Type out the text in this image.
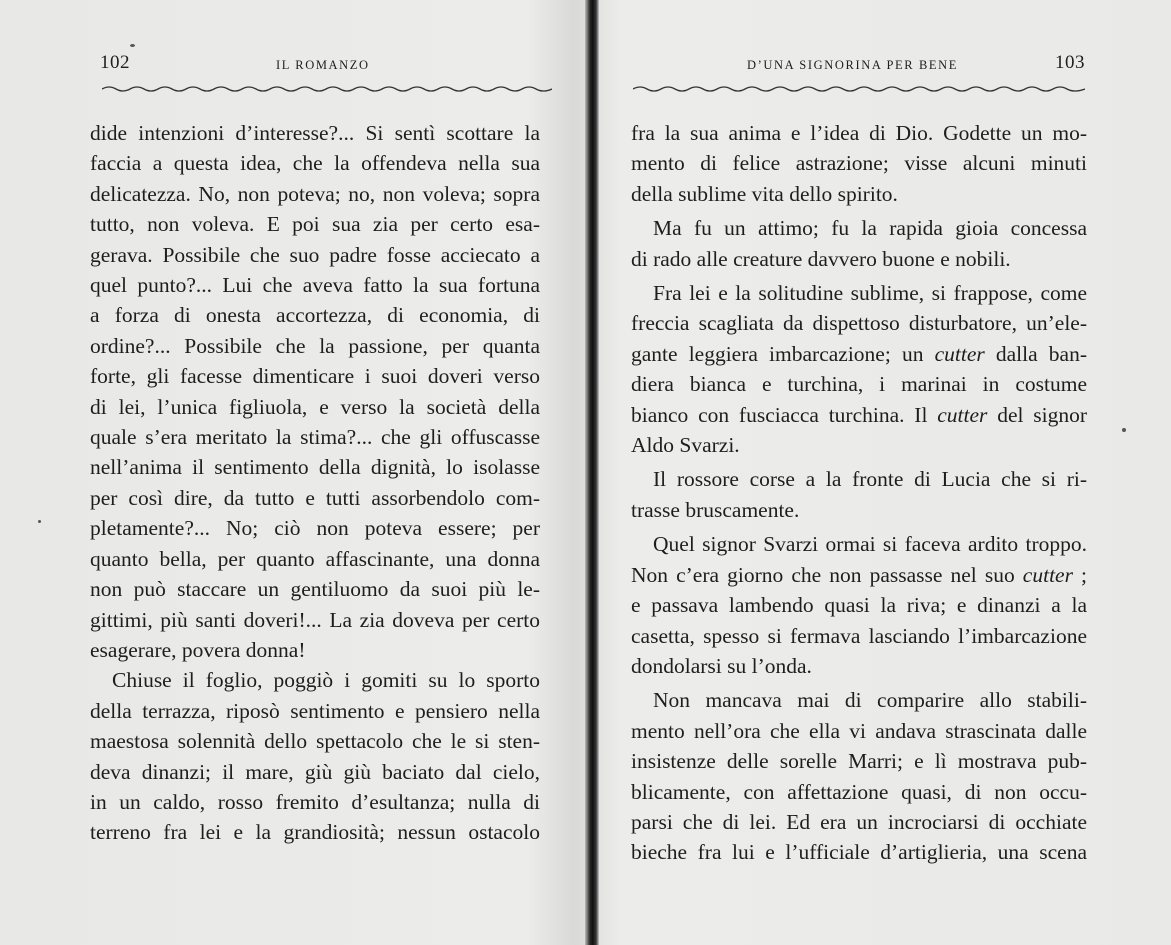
102	IL ROMANZO
dide intenzioni d’interesse?... Si sentì scottare la
faccia a questa idea, che la offendeva nella sua
delicatezza. No, non poteva; no, non voleva; sopra
tutto, non voleva. E poi sua zia per certo esa-
gerava. Possibile che suo padre fosse acciecato a
quel punto?... Lui che aveva fatto la sua fortuna
a forza di onesta accortezza, di economia, di
ordine?... Possibile che la passione, per quanta
forte, gli facesse dimenticare i suoi doveri verso
di lei, l’unica figliuola, e verso la società della
quale s’era meritato la stima?... che gli offuscasse
nell’anima il sentimento della dignità, lo isolasse
per così dire, da tutto e tutti assorbendolo com-
pletamente?... No; ciò non poteva essere; per
quanto bella, per quanto affascinante, una donna
non può staccare un gentiluomo da suoi più le-
gittimi, più santi doveri!... La zia doveva per certo
esagerare, povera donna!
Chiuse il foglio, poggiò i gomiti su lo sporto
della terrazza, riposò sentimento e pensiero nella
maestosa solennità dello spettacolo che le si sten-
deva dinanzi; il mare, giù giù baciato dal cielo,
in un caldo, rosso fremito d’esultanza; nulla di
terreno fra lei e la grandiosità; nessun ostacolo
D’UNA SIGNORINA PER BENE	103
fra la sua anima e l’idea di Dio. Godette un mo-
mento di felice astrazione; visse alcuni minuti
della sublime vita dello spirito.
Ma fu un attimo; fu la rapida gioia concessa
di rado alle creature davvero buone e nobili.
Fra lei e la solitudine sublime, si frappose, come
freccia scagliata da dispettoso disturbatore, un’ele-
gante leggiera imbarcazione; un cutter dalla ban-
diera bianca e turchina, i marinai in costume
bianco con fusciacca turchina. Il cutter del signor
Aldo Svarzi.
Il rossore corse a la fronte di Lucia che si ri-
trasse bruscamente.
Quel signor Svarzi ormai si faceva ardito troppo.
Non c’era giorno che non passasse nel suo cutter ;
e passava lambendo quasi la riva; e dinanzi a la
casetta, spesso si fermava lasciando l’imbarcazione
dondolarsi su l’onda.
Non mancava mai di comparire allo stabili-
mento nell’ora che ella vi andava strascinata dalle
insistenze delle sorelle Marri; e lì mostrava pub-
blicamente, con affettazione quasi, di non occu-
parsi che di lei. Ed era un incrociarsi di occhiate
bieche fra lui e l’ufficiale d’artiglieria, una scena
